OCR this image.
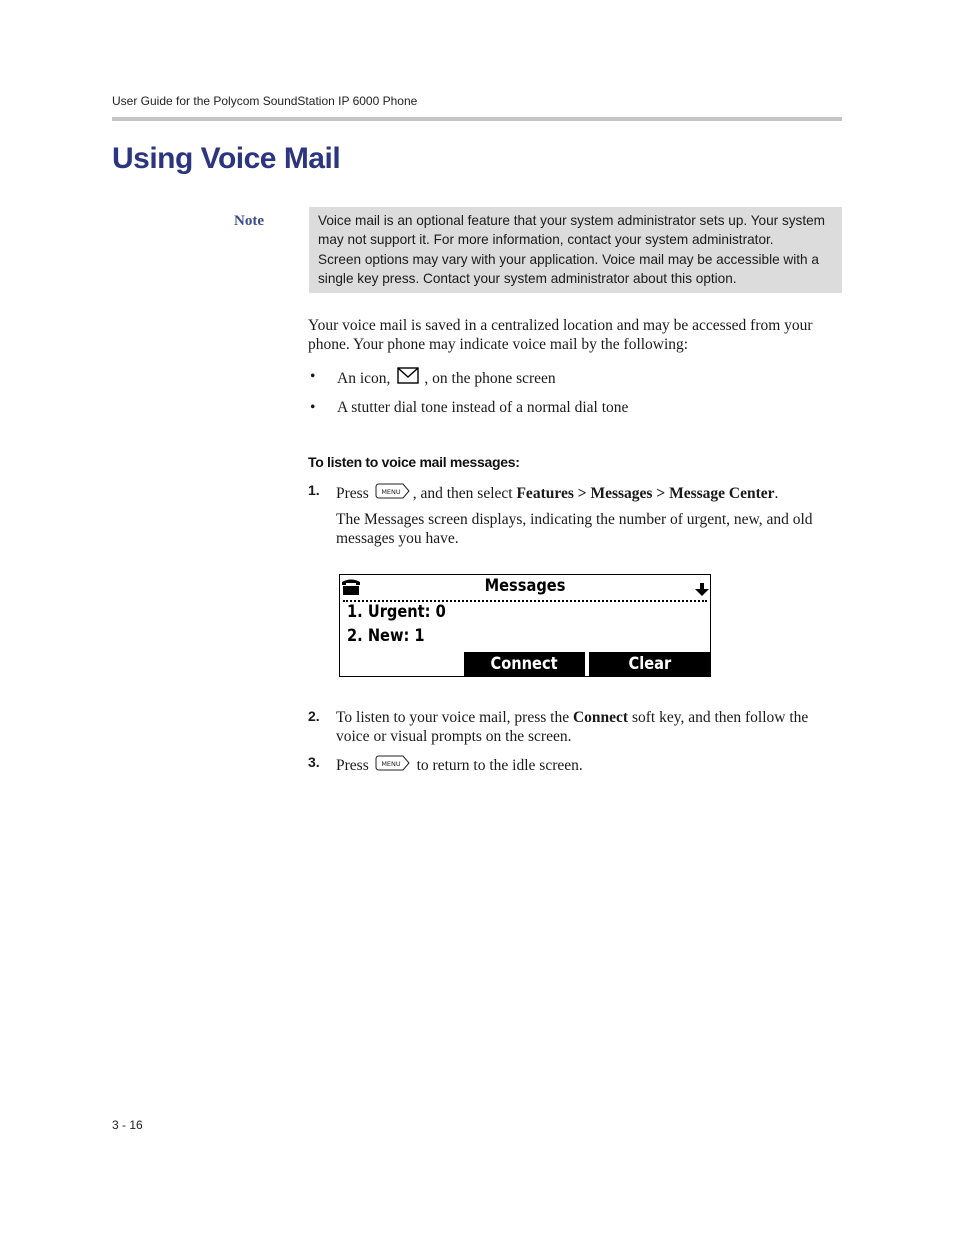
User Guide for the Polycom SoundStation IP 6000 Phone
Using Voice Mail
Note	Voice mail is an optional feature that your system administrator sets up. Your system may not support it. For more information, contact your system administrator.

Screen options may vary with your application. Voice mail may be accessible with a single key press. Contact your system administrator about this option.

Your voice mail is saved in a centralized location and may be accessed from your phone. Your phone may indicate voice mail by the following:

• An icon, , on the phone screen
• A stutter dial tone instead of a normal dial tone
To listen to voice mail messages:
1. Press MENU , and then select
Features
>
Messages
>
Message Center .
The Messages screen displays, indicating the number of urgent, new, and old messages you have.
Messages
1. Urgent: 0
2. New: 1
Connect	Clear
2. To listen to your voice mail, press the Connect soft key, and then follow the voice or visual prompts on the screen.
3. Press MENU
to return to the idle screen.
3 - 16
